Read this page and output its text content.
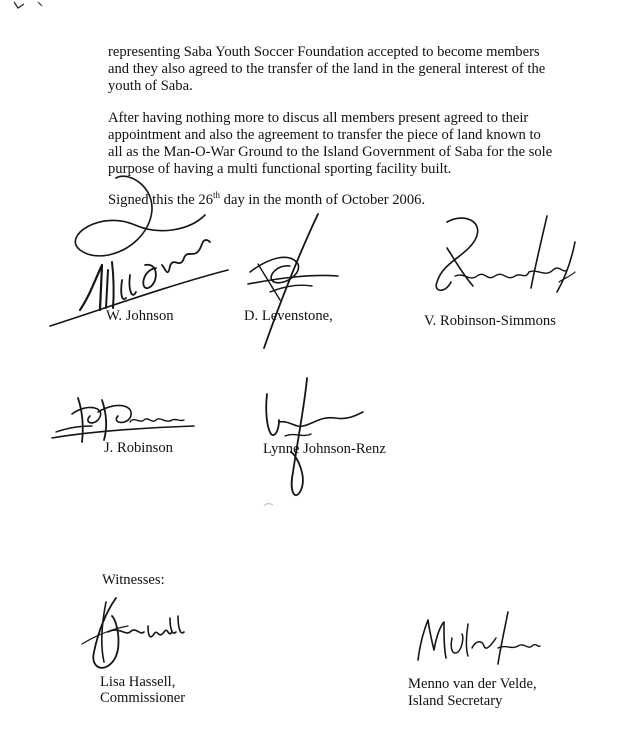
representing Saba Youth Soccer Foundation accepted to become members
and they also agreed to the transfer of the land in the general interest of the
youth of Saba.

After having nothing more to discus all members present agreed to their
appointment and also the agreement to transfer the piece of land known to
all as the Man-O-War Ground to the Island Government of Saba for the sole
purpose of having a multi functional sporting facility built.

Signed this the 26th day in the month of October 2006.
W. Johnson	D. Levenstone,	V. Robinson-Simmons
J. Robinson	Lynne Johnson-Renz
Witnesses:
Lisa Hassell,
Commissioner
Menno van der Velde,
Island Secretary
